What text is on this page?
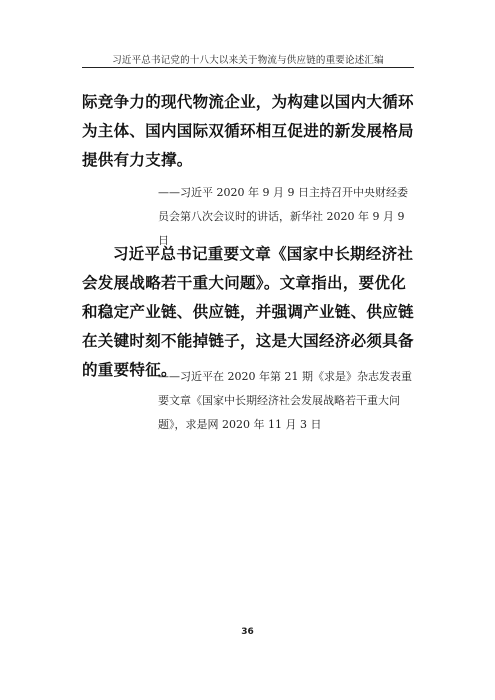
习近平总书记党的十八大以来关于物流与供应链的重要论述汇编

际竞争力的现代物流企业，为构建以国内大循环为主体、国内国际双循环相互促进的新发展格局提供有力支撑。

——习近平 2020 年 9 月 9 日主持召开中央财经委员会第八次会议时的讲话，新华社 2020 年 9 月 9 日

习近平总书记重要文章《国家中长期经济社会发展战略若干重大问题》。文章指出，要优化和稳定产业链、供应链，并强调产业链、供应链在关键时刻不能掉链子，这是大国经济必须具备的重要特征。

——习近平在 2020 年第 21 期《求是》杂志发表重要文章《国家中长期经济社会发展战略若干重大问题》，求是网 2020 年 11 月 3 日

36
